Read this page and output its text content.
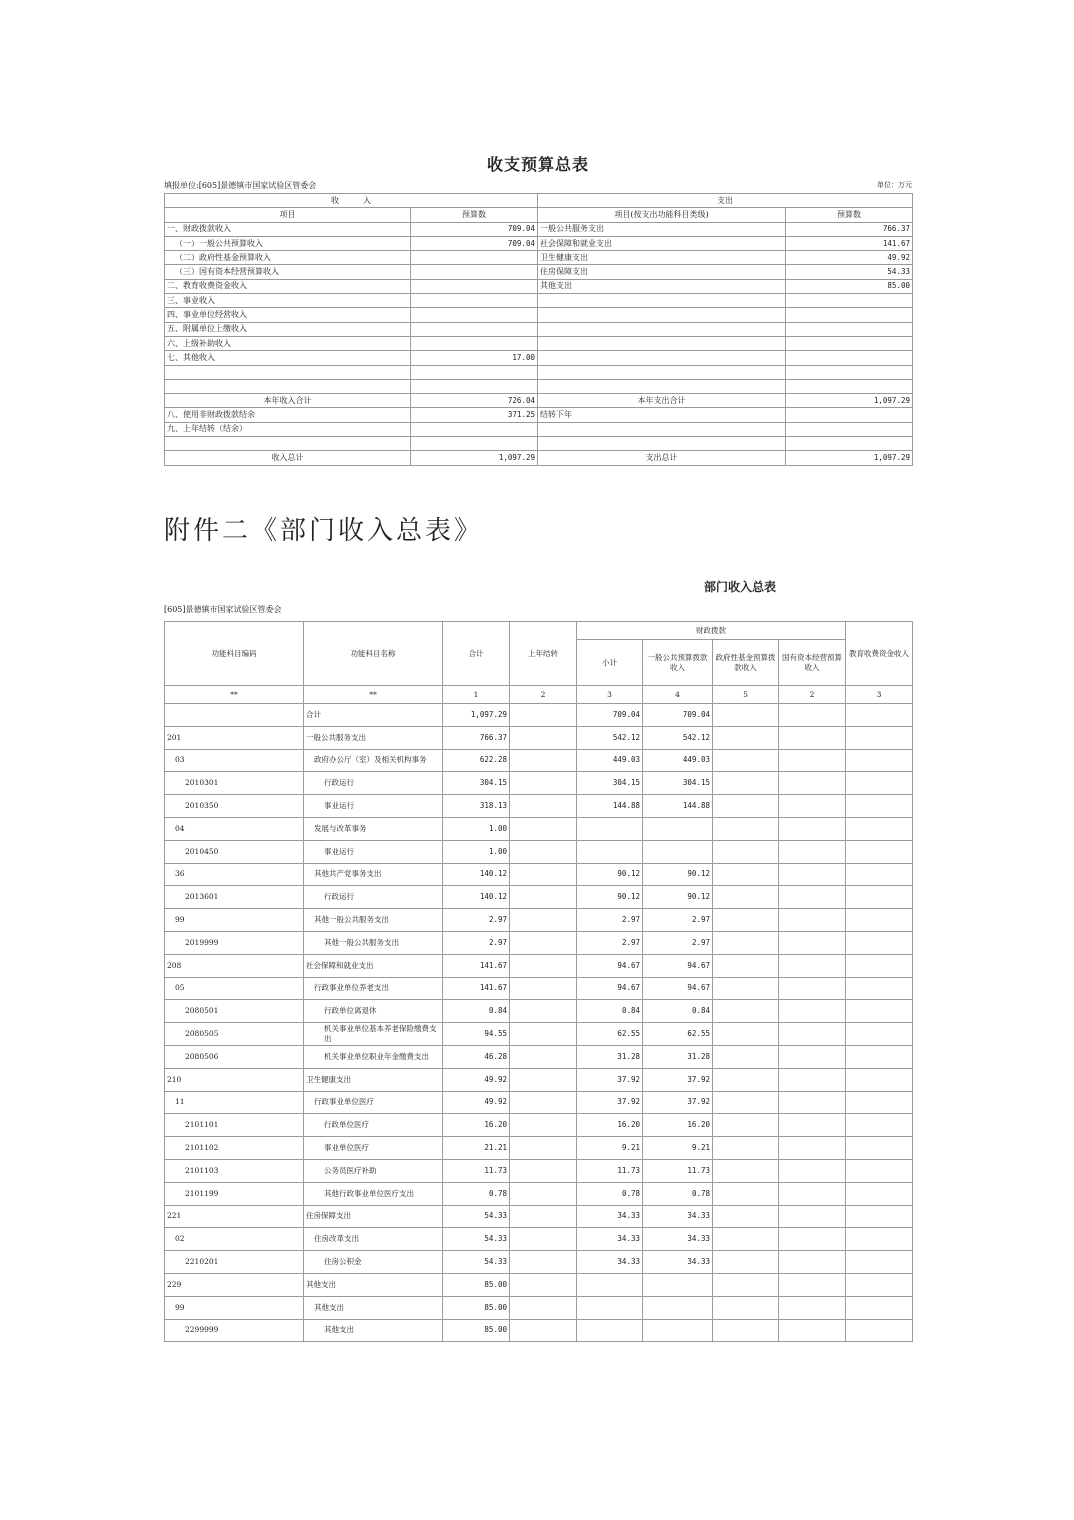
收支预算总表
填报单位:[605]景德镇市国家试验区管委会	单位：万元
收　　　入		支出	
项目	预算数	项目(按支出功能科目类级)	预算数
一、财政拨款收入	709.04	一般公共服务支出	766.37
（一）一般公共预算收入	709.04	社会保障和就业支出	141.67
（二）政府性基金预算收入		卫生健康支出	49.92
（三）国有资本经营预算收入		住房保障支出	54.33
二、教育收费资金收入		其他支出	85.00
三、事业收入			
四、事业单位经营收入			
五、附属单位上缴收入			
六、上级补助收入			
七、其他收入	17.00		

本年收入合计	726.04	本年支出合计	1,097.29
八、使用非财政拨款结余	371.25	结转下年	
九、上年结转（结余）			

收入总计	1,097.29	支出总计	1,097.29
附件二《部门收入总表》
部门收入总表
[605]景德镇市国家试验区管委会
功能科目编码	功能科目名称	合计	上年结转	财政拨款				教育收费资金收入
				小计	一般公共预算拨款收入	政府性基金预算拨款收入	国有资本经营预算收入	
**	**	1	2	3	4	5	2	3
	合计	1,097.29		709.04	709.04			
201	一般公共服务支出	766.37		542.12	542.12			
03	政府办公厅（室）及相关机构事务	622.28		449.03	449.03			
2010301	行政运行	304.15		304.15	304.15			
2010350	事业运行	318.13		144.88	144.88			
04	发展与改革事务	1.00						
2010450	事业运行	1.00						
36	其他共产党事务支出	140.12		90.12	90.12			
2013601	行政运行	140.12		90.12	90.12			
99	其他一般公共服务支出	2.97		2.97	2.97			
2019999	其他一般公共服务支出	2.97		2.97	2.97			
208	社会保障和就业支出	141.67		94.67	94.67			
05	行政事业单位养老支出	141.67		94.67	94.67			
2080501	行政单位离退休	0.84		0.84	0.84			
2080505	机关事业单位基本养老保险缴费支出	94.55		62.55	62.55			
2080506	机关事业单位职业年金缴费支出	46.28		31.28	31.28			
210	卫生健康支出	49.92		37.92	37.92			
11	行政事业单位医疗	49.92		37.92	37.92			
2101101	行政单位医疗	16.20		16.20	16.20			
2101102	事业单位医疗	21.21		9.21	9.21			
2101103	公务员医疗补助	11.73		11.73	11.73			
2101199	其他行政事业单位医疗支出	0.78		0.78	0.78			
221	住房保障支出	54.33		34.33	34.33			
02	住房改革支出	54.33		34.33	34.33			
2210201	住房公积金	54.33		34.33	34.33			
229	其他支出	85.00						
99	其他支出	85.00						
2299999	其他支出	85.00						
